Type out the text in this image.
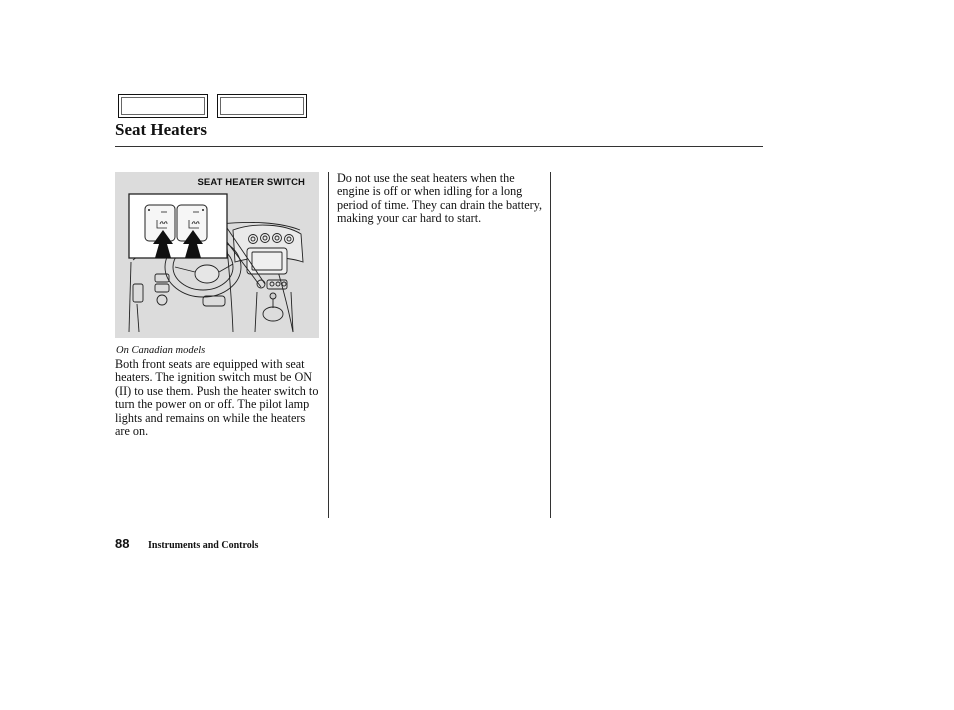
Seat Heaters
SEAT HEATER SWITCH
On Canadian models

Both front seats are equipped with seat heaters. The ignition switch must be ON (II) to use them. Push the heater switch to turn the power on or off. The pilot lamp lights and remains on while the heaters are on.

Do not use the seat heaters when the engine is off or when idling for a long period of time. They can drain the battery, making your car hard to start.

88 Instruments and Controls
